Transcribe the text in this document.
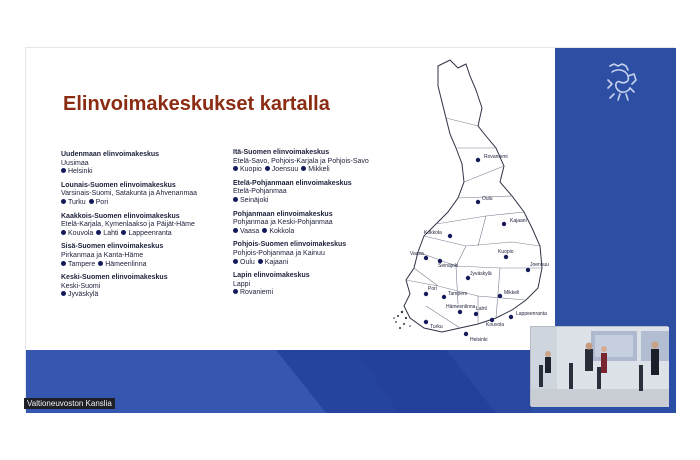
Elinvoimakeskukset kartalla
Uudenmaan elinvoimakeskus
Uusimaa
Helsinki
Lounais-Suomen elinvoimakeskus
Varsinais-Suomi, Satakunta ja Ahvenanmaa
Turku Pori
Kaakkois-Suomen elinvoimakeskus
Etelä-Karjala, Kymenlaakso ja Päijät-Häme
Kouvola Lahti Lappeenranta
Sisä-Suomen elinvoimakeskus
Pirkanmaa ja Kanta-Häme
Tampere Hämeenlinna
Keski-Suomen elinvoimakeskus
Keski-Suomi
Jyväskylä
Itä-Suomen elinvoimakeskus
Etelä-Savo, Pohjois-Karjala ja Pohjois-Savo
Kuopio Joensuu Mikkeli
Etelä-Pohjanmaan elinvoimakeskus
Etelä-Pohjanmaa
Seinäjoki
Pohjanmaan elinvoimakeskus
Pohjanmaa ja Keski-Pohjanmaa
Vaasa Kokkola
Pohjois-Suomen elinvoimakeskus
Pohjois-Pohjanmaa ja Kainuu
Oulu Kajaani
Lapin elinvoimakeskus
Lappi
Rovaniemi
Rovaniemi
Oulu
Kajaani
Kokkola
Vaasa
Seinäjoki
Kuopio
Joensuu
Jyväskylä
Tampere
Pori
Mikkeli
Hämeenlinna Lahti
Kouvola
Lappeenranta
Turku
Helsinki
Valtioneuvoston Kanslia
